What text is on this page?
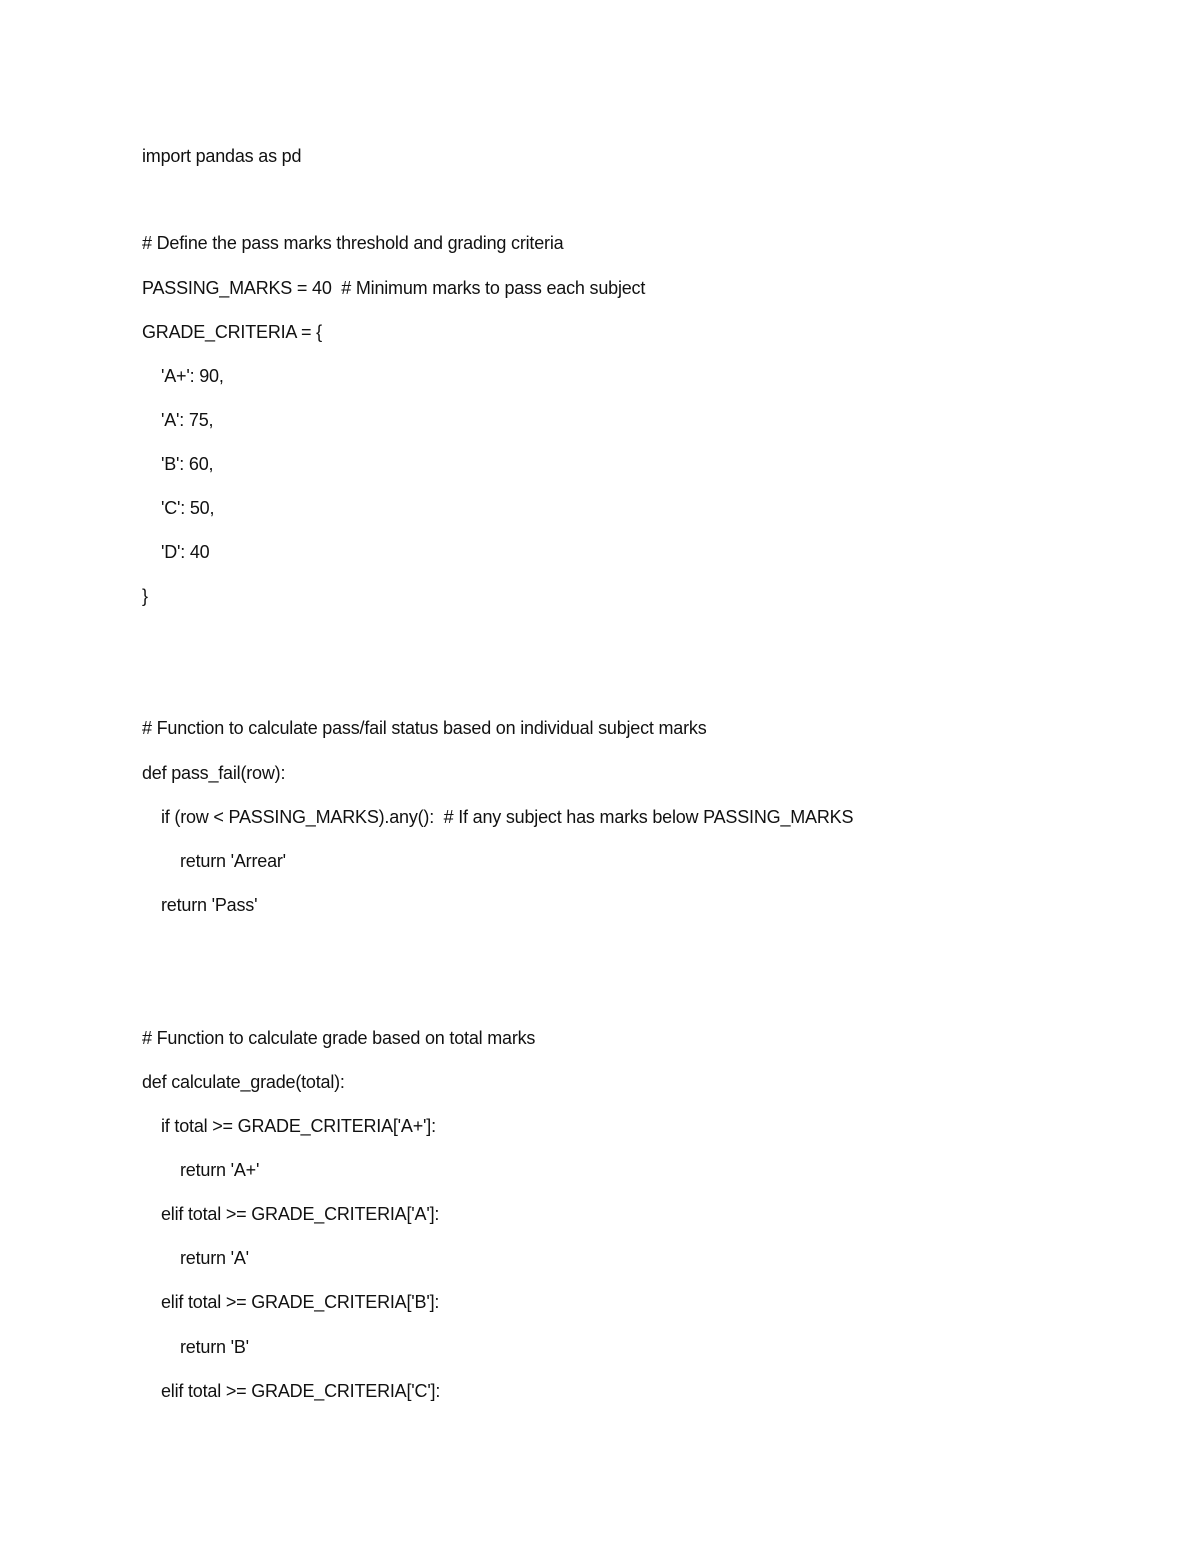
import pandas as pd
# Define the pass marks threshold and grading criteria
PASSING_MARKS = 40  # Minimum marks to pass each subject
GRADE_CRITERIA = {
'A+': 90,
'A': 75,
'B': 60,
'C': 50,
'D': 40
}
# Function to calculate pass/fail status based on individual subject marks
def pass_fail(row):
if (row < PASSING_MARKS).any():  # If any subject has marks below PASSING_MARKS
return 'Arrear'
return 'Pass'
# Function to calculate grade based on total marks
def calculate_grade(total):
if total >= GRADE_CRITERIA['A+']:
return 'A+'
elif total >= GRADE_CRITERIA['A']:
return 'A'
elif total >= GRADE_CRITERIA['B']:
return 'B'
elif total >= GRADE_CRITERIA['C']:
